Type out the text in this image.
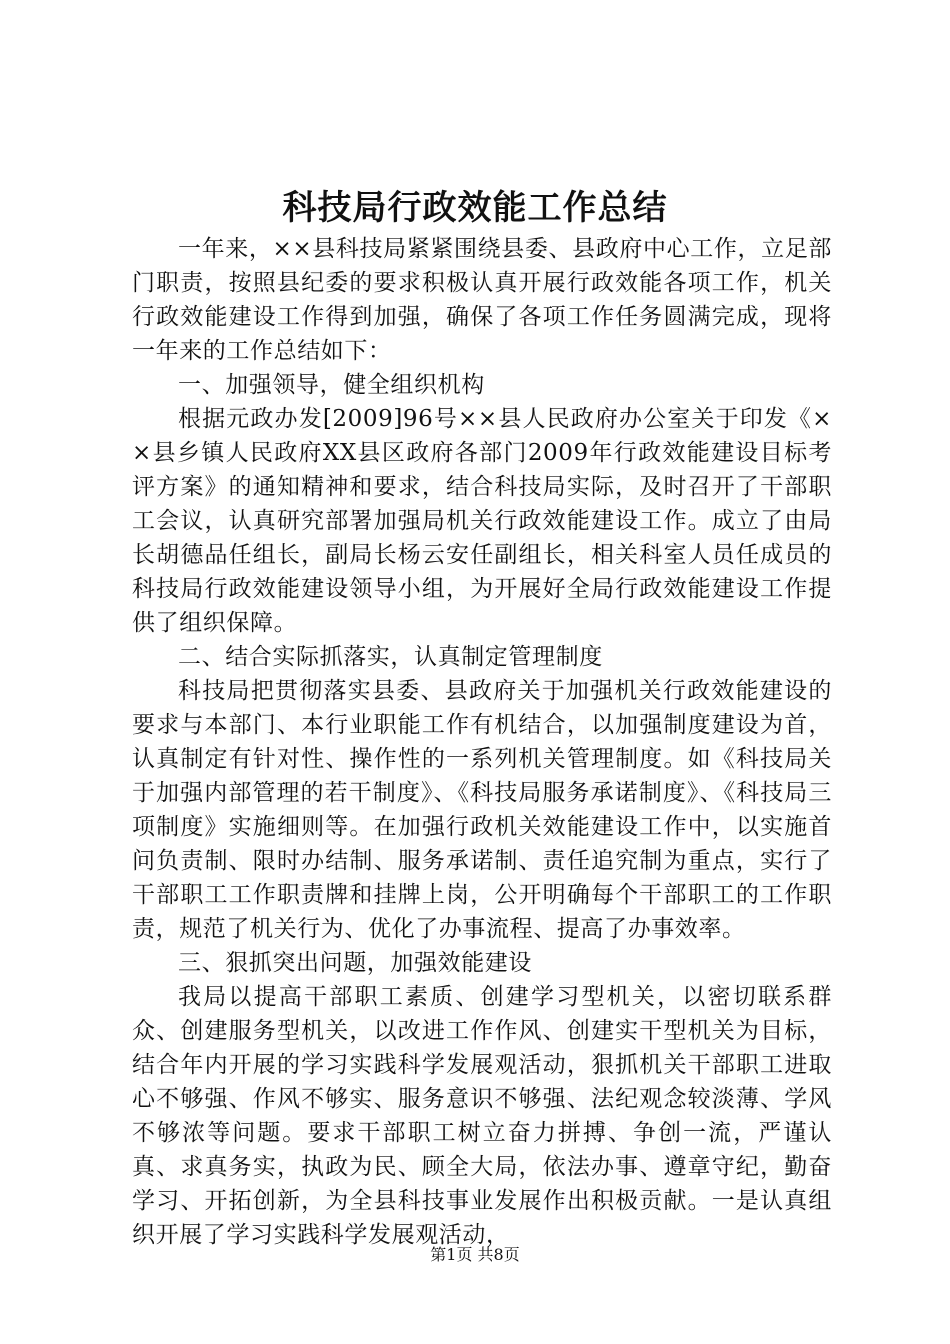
科技局行政效能工作总结

一年来，××县科技局紧紧围绕县委、县政府中心工作，立足部门职责，按照县纪委的要求积极认真开展行政效能各项工作，机关行政效能建设工作得到加强，确保了各项工作任务圆满完成，现将一年来的工作总结如下：

一、加强领导，健全组织机构

根据元政办发[2009]96号××县人民政府办公室关于印发《××县乡镇人民政府XX县区政府各部门2009年行政效能建设目标考评方案》的通知精神和要求，结合科技局实际，及时召开了干部职工会议，认真研究部署加强局机关行政效能建设工作。成立了由局长胡德品任组长，副局长杨云安任副组长，相关科室人员任成员的科技局行政效能建设领导小组，为开展好全局行政效能建设工作提供了组织保障。

二、结合实际抓落实，认真制定管理制度

科技局把贯彻落实县委、县政府关于加强机关行政效能建设的要求与本部门、本行业职能工作有机结合，以加强制度建设为首，认真制定有针对性、操作性的一系列机关管理制度。如《科技局关于加强内部管理的若干制度》、《科技局服务承诺制度》、《科技局三项制度》实施细则等。在加强行政机关效能建设工作中，以实施首问负责制、限时办结制、服务承诺制、责任追究制为重点，实行了干部职工工作职责牌和挂牌上岗，公开明确每个干部职工的工作职责，规范了机关行为、优化了办事流程、提高了办事效率。

三、狠抓突出问题，加强效能建设

我局以提高干部职工素质、创建学习型机关，以密切联系群众、创建服务型机关，以改进工作作风、创建实干型机关为目标，结合年内开展的学习实践科学发展观活动，狠抓机关干部职工进取心不够强、作风不够实、服务意识不够强、法纪观念较淡薄、学风不够浓等问题。要求干部职工树立奋力拼搏、争创一流，严谨认真、求真务实，执政为民、顾全大局，依法办事、遵章守纪，勤奋学习、开拓创新，为全县科技事业发展作出积极贡献。一是认真组织开展了学习实践科学发展观活动，

第1页 共8页
